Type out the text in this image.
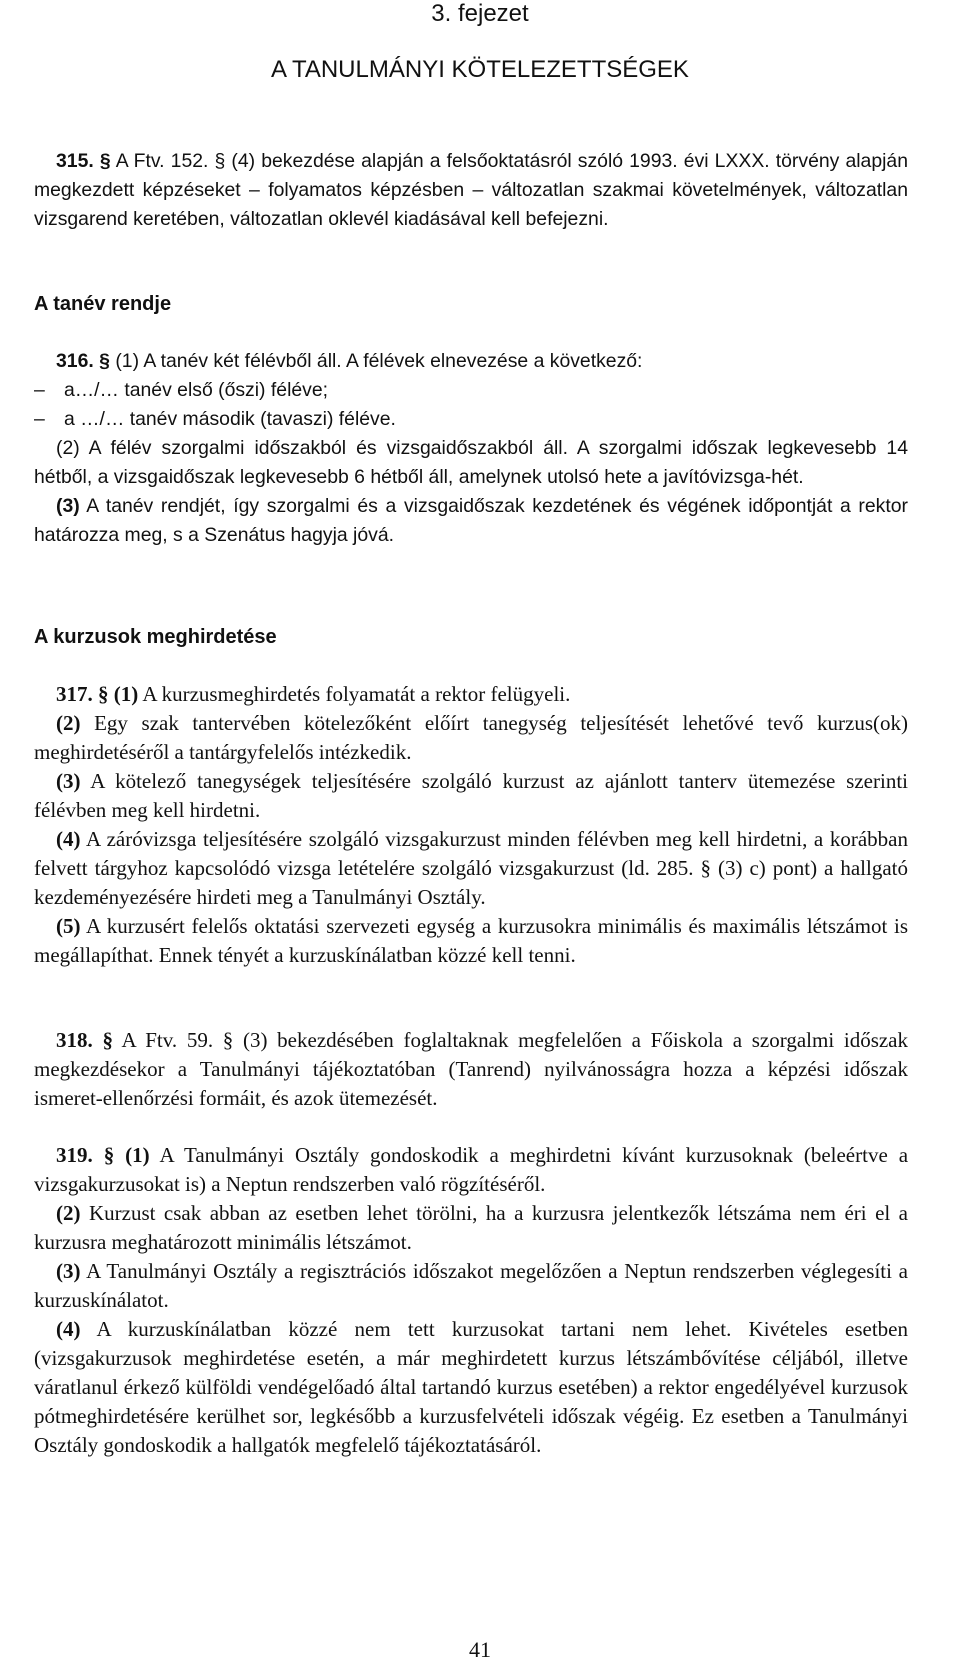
3. fejezet
A TANULMÁNYI KÖTELEZETTSÉGEK

315. § A Ftv. 152. § (4) bekezdése alapján a felsőoktatásról szóló 1993. évi LXXX. törvény alapján megkezdett képzéseket – folyamatos képzésben – változatlan szakmai követelmények, változatlan vizsgarend keretében, változatlan oklevél kiadásával kell befejezni.

A tanév rendje
316. § (1) A tanév két félévből áll. A félévek elnevezése a következő:
– a…/… tanév első (őszi) féléve;
– a …/… tanév második (tavaszi) féléve.
(2) A félév szorgalmi időszakból és vizsgaidőszakból áll. A szorgalmi időszak legkevesebb 14 hétből, a vizsgaidőszak legkevesebb 6 hétből áll, amelynek utolsó hete a javítóvizsga-hét.
(3) A tanév rendjét, így szorgalmi és a vizsgaidőszak kezdetének és végének időpontját a rektor határozza meg, s a Szenátus hagyja jóvá.
A kurzusok meghirdetése
317. § (1) A kurzusmeghirdetés folyamatát a rektor felügyeli.
(2) Egy szak tantervében kötelezőként előírt tanegység teljesítését lehetővé tevő kurzus(ok) meghirdetéséről a tantárgyfelelős intézkedik.
(3) A kötelező tanegységek teljesítésére szolgáló kurzust az ajánlott tanterv ütemezése szerinti félévben meg kell hirdetni.
(4) A záróvizsga teljesítésére szolgáló vizsgakurzust minden félévben meg kell hirdetni, a korábban felvett tárgyhoz kapcsolódó vizsga letételére szolgáló vizsgakurzust (ld. 285. § (3) c) pont) a hallgató kezdeményezésére hirdeti meg a Tanulmányi Osztály.
(5) A kurzusért felelős oktatási szervezeti egység a kurzusokra minimális és maximális létszámot is megállapíthat. Ennek tényét a kurzuskínálatban közzé kell tenni.

318. § A Ftv. 59. § (3) bekezdésében foglaltaknak megfelelően a Főiskola a szorgalmi időszak megkezdésekor a Tanulmányi tájékoztatóban (Tanrend) nyilvánosságra hozza a képzési időszak ismeret-ellenőrzési formáit, és azok ütemezését.

319. § (1) A Tanulmányi Osztály gondoskodik a meghirdetni kívánt kurzusoknak (beleértve a vizsgakurzusokat is) a Neptun rendszerben való rögzítéséről.
(2) Kurzust csak abban az esetben lehet törölni, ha a kurzusra jelentkezők létszáma nem éri el a kurzusra meghatározott minimális létszámot.
(3) A Tanulmányi Osztály a regisztrációs időszakot megelőzően a Neptun rendszerben véglegesíti a kurzuskínálatot.
(4) A kurzuskínálatban közzé nem tett kurzusokat tartani nem lehet. Kivételes esetben (vizsgakurzusok meghirdetése esetén, a már meghirdetett kurzus létszámbővítése céljából, illetve váratlanul érkező külföldi vendégelőadó által tartandó kurzus esetében) a rektor engedélyével kurzusok pótmeghirdetésére kerülhet sor, legkésőbb a kurzusfelvételi időszak végéig. Ez esetben a Tanulmányi Osztály gondoskodik a hallgatók megfelelő tájékoztatásáról.
41
